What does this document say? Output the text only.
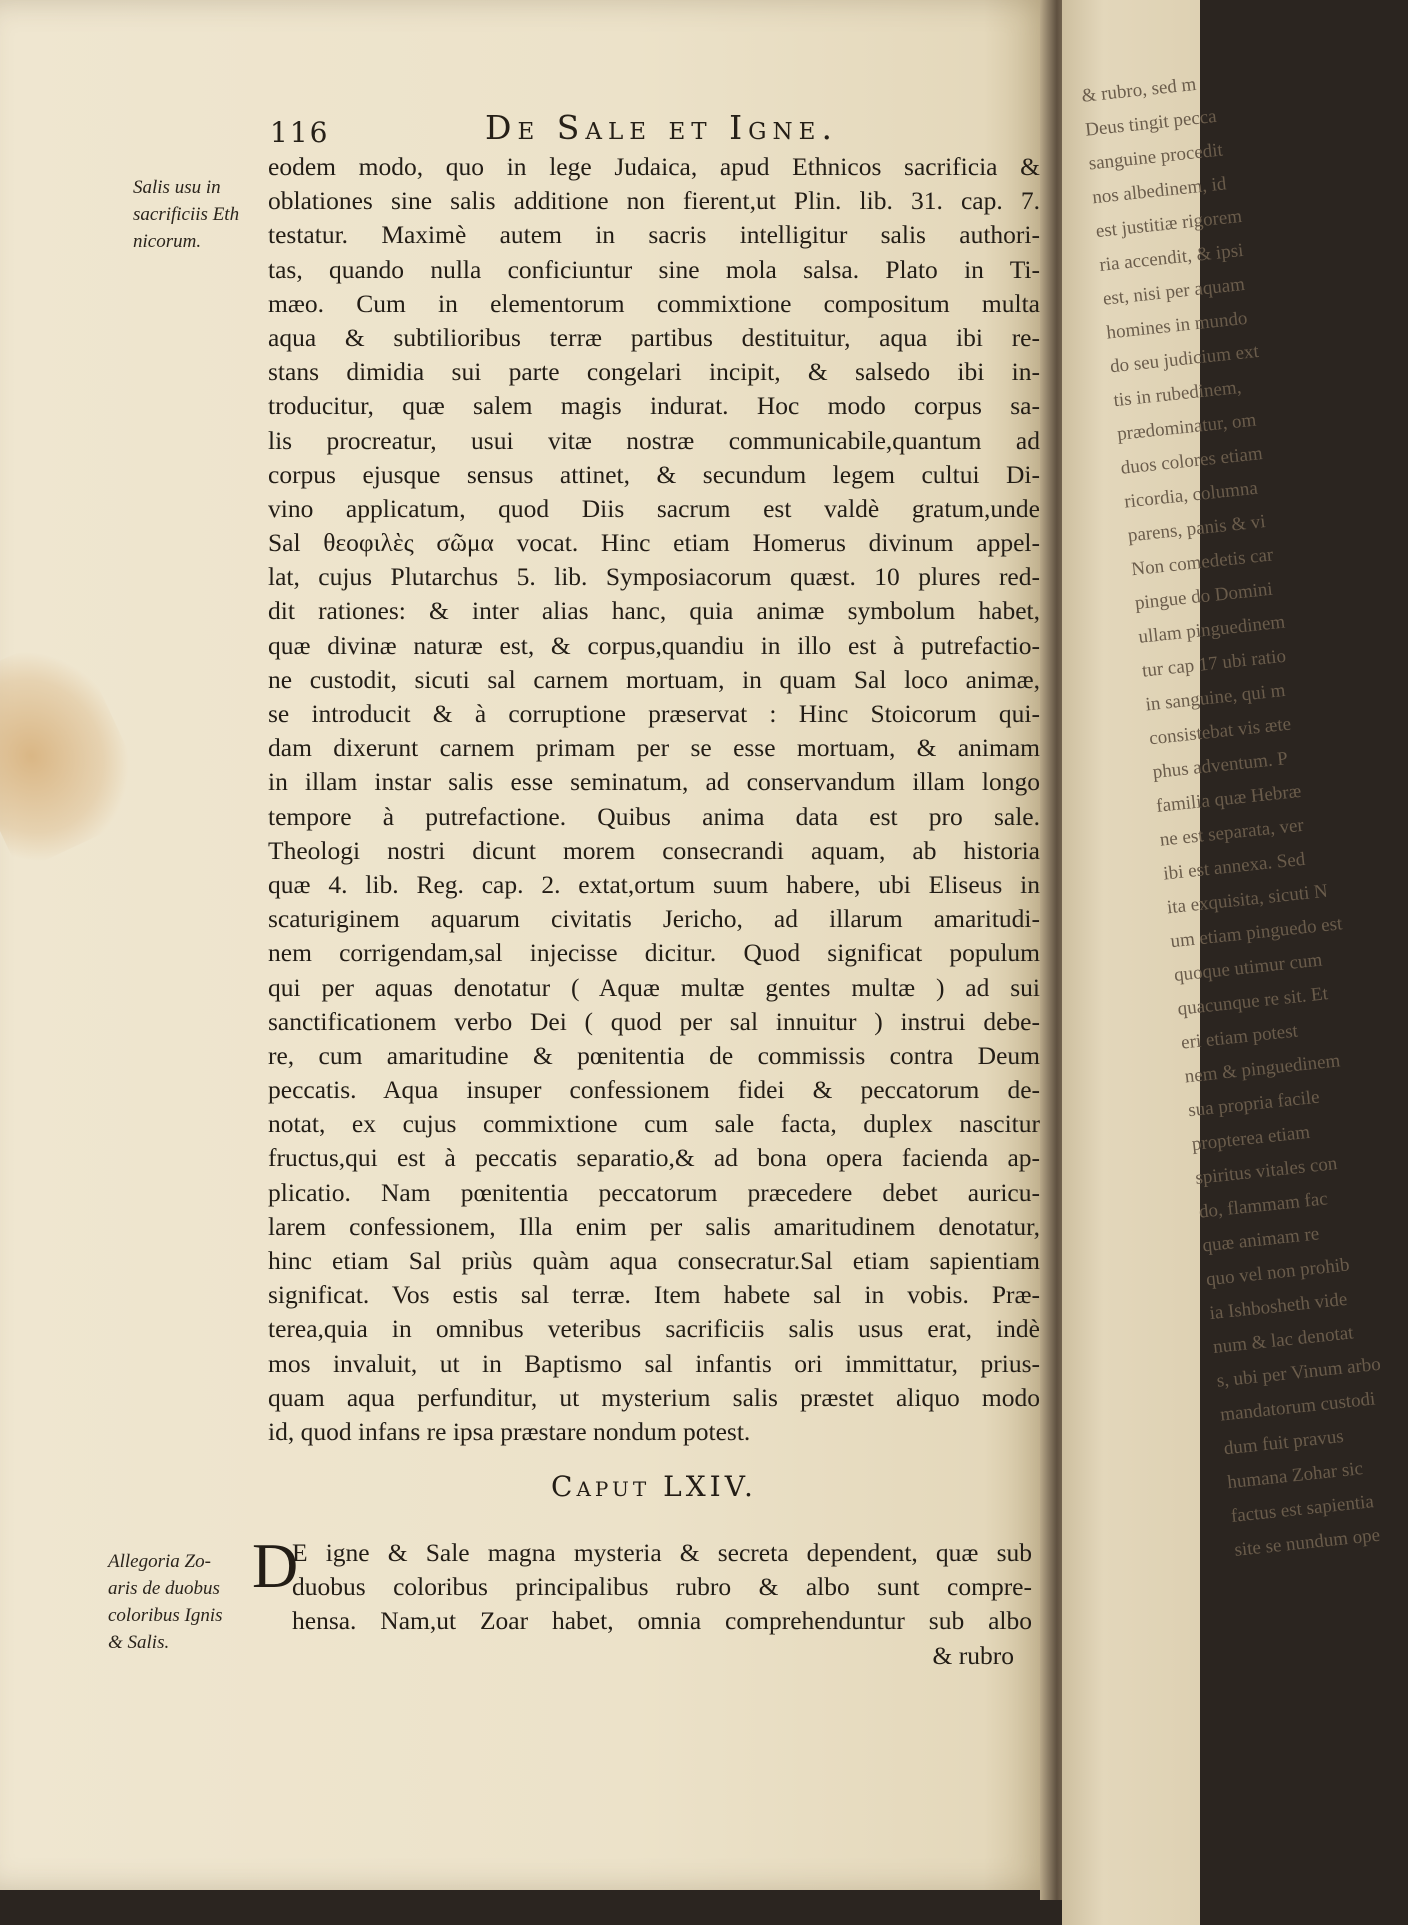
116	De Sale et Igne.
Salis usu in
sacrificiis Eth
nicorum.
Allegoria Zo-
aris de duobus
coloribus Ignis
& Salis.
eodem modo, quo in lege Judaica, apud Ethnicos sacrificia &
oblationes sine salis additione non fierent,ut Plin. lib. 31. cap. 7.
testatur. Maximè autem in sacris intelligitur salis authori-
tas, quando nulla conficiuntur sine mola salsa. Plato in Ti-
mæo. Cum in elementorum commixtione compositum multa
aqua & subtilioribus terræ partibus destituitur, aqua ibi re-
stans dimidia sui parte congelari incipit, & salsedo ibi in-
troducitur, quæ salem magis indurat. Hoc modo corpus sa-
lis procreatur, usui vitæ nostræ communicabile,quantum ad
corpus ejusque sensus attinet, & secundum legem cultui Di-
vino applicatum, quod Diis sacrum est valdè gratum,unde
Sal θεοφιλὲς σῶμα vocat. Hinc etiam Homerus divinum appel-
lat, cujus Plutarchus 5. lib. Symposiacorum quæst. 10 plures red-
dit rationes: & inter alias hanc, quia animæ symbolum habet,
quæ divinæ naturæ est, & corpus,quandiu in illo est à putrefactio-
ne custodit, sicuti sal carnem mortuam, in quam Sal loco animæ,
se introducit & à corruptione præservat : Hinc Stoicorum qui-
dam dixerunt carnem primam per se esse mortuam, & animam
in illam instar salis esse seminatum, ad conservandum illam longo
tempore à putrefactione. Quibus anima data est pro sale.
Theologi nostri dicunt morem consecrandi aquam, ab historia
quæ 4. lib. Reg. cap. 2. extat,ortum suum habere, ubi Eliseus in
scaturiginem aquarum civitatis Jericho, ad illarum amaritudi-
nem corrigendam,sal injecisse dicitur. Quod significat populum
qui per aquas denotatur ( Aquæ multæ gentes multæ ) ad sui
sanctificationem verbo Dei ( quod per sal innuitur ) instrui debe-
re, cum amaritudine & pœnitentia de commissis contra Deum
peccatis. Aqua insuper confessionem fidei & peccatorum de-
notat, ex cujus commixtione cum sale facta, duplex nascitur
fructus,qui est à peccatis separatio,& ad bona opera facienda ap-
plicatio. Nam pœnitentia peccatorum præcedere debet auricu-
larem confessionem, Illa enim per salis amaritudinem denotatur,
hinc etiam Sal priùs quàm aqua consecratur.Sal etiam sapientiam
significat. Vos estis sal terræ. Item habete sal in vobis. Præ-
terea,quia in omnibus veteribus sacrificiis salis usus erat, indè
mos invaluit, ut in Baptismo sal infantis ori immittatur, prius-
quam aqua perfunditur, ut mysterium salis præstet aliquo modo
id, quod infans re ipsa præstare nondum potest.
Caput LXIV.
D
E igne & Sale magna mysteria & secreta dependent, quæ sub
duobus coloribus principalibus rubro & albo sunt compre-
hensa. Nam,ut Zoar habet, omnia comprehenduntur sub albo
& rubro
& rubro, sed m
Deus tingit pecca
sanguine procedit
nos albedinem, id
est justitiæ rigorem
ria accendit, & ipsi
est, nisi per aquam
homines in mundo
do seu judicium ext
tis in rubedinem,
prædominatur, om
duos colores etiam
ricordia, columna
parens, panis & vi
Non comedetis car
pingue do Domini
ullam pinguedinem
tur cap 17 ubi ratio
in sanguine, qui m
consistebat vis æte
phus adventum. P
familia quæ Hebræ
ne est separata, ver
ibi est annexa. Sed
ita exquisita, sicuti N
um etiam pinguedo est
quoque utimur cum
quacunque re sit. Et
eri etiam potest
nem & pinguedinem
sua propria facile
propterea etiam
spiritus vitales con
do, flammam fac
quæ animam re
quo vel non prohib
ia Ishbosheth vide
num & lac denotat
s, ubi per Vinum arbo
mandatorum custodi
dum fuit pravus
humana Zohar sic
factus est sapientia
site se nundum ope
